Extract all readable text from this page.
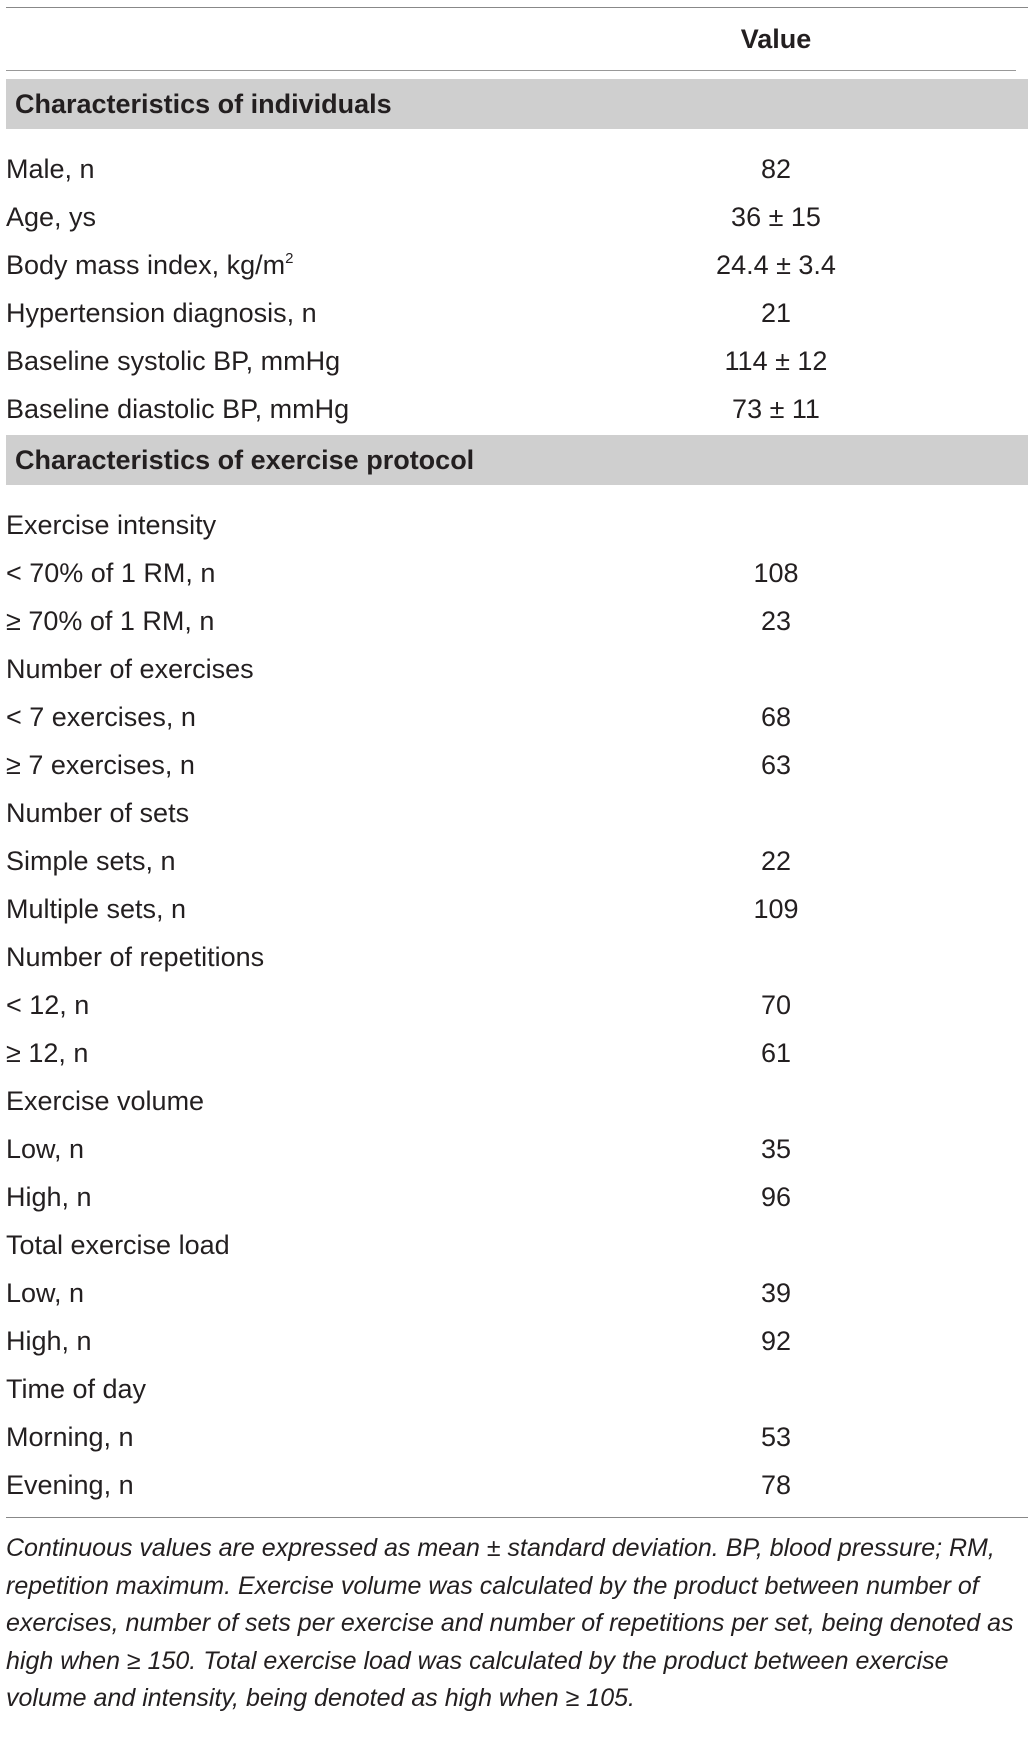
Value
Characteristics of individuals
Male, n	82
Age, ys	36 ± 15
Body mass index, $kg/m^2$	24.4 ± 3.4
Hypertension diagnosis, n	21
Baseline systolic BP, mmHg	114 ± 12
Baseline diastolic BP, mmHg	73 ± 11
Characteristics of exercise protocol
Exercise intensity
< 70% of 1 RM, n	108
≥ 70% of 1 RM, n	23
Number of exercises
< 7 exercises, n	68
≥ 7 exercises, n	63
Number of sets
Simple sets, n	22
Multiple sets, n	109
Number of repetitions
< 12, n	70
≥ 12, n	61
Exercise volume
Low, n	35
High, n	96
Total exercise load
Low, n	39
High, n	92
Time of day
Morning, n	53
Evening, n	78
Continuous values are expressed as mean ± standard deviation. BP, blood pressure; RM, repetition maximum. Exercise volume was calculated by the product between number of exercises, number of sets per exercise and number of repetitions per set, being denoted as high when ≥ 150. Total exercise load was calculated by the product between exercise volume and intensity, being denoted as high when ≥ 105.
